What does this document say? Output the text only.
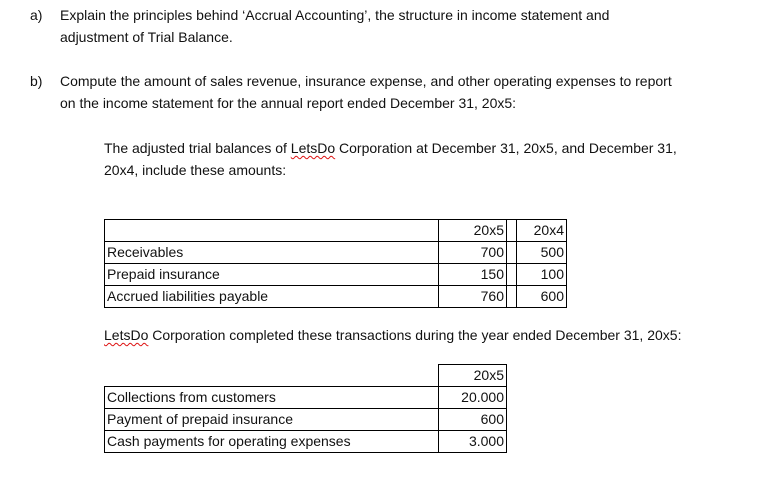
a) Explain the principles behind ‘Accrual Accounting’, the structure in income statement and
adjustment of Trial Balance.
b) Compute the amount of sales revenue, insurance expense, and other operating expenses to report
on the income statement for the annual report ended December 31, 20x5:
The adjusted trial balances of LetsDo Corporation at December 31, 20x5, and December 31,
20x4, include these amounts:
	20x5		20x4
Receivables	700		500
Prepaid insurance	150		100
Accrued liabilities payable	760		600
LetsDo Corporation completed these transactions during the year ended December 31, 20x5:
	20x5
Collections from customers	20.000
Payment of prepaid insurance	600
Cash payments for operating expenses	3.000
